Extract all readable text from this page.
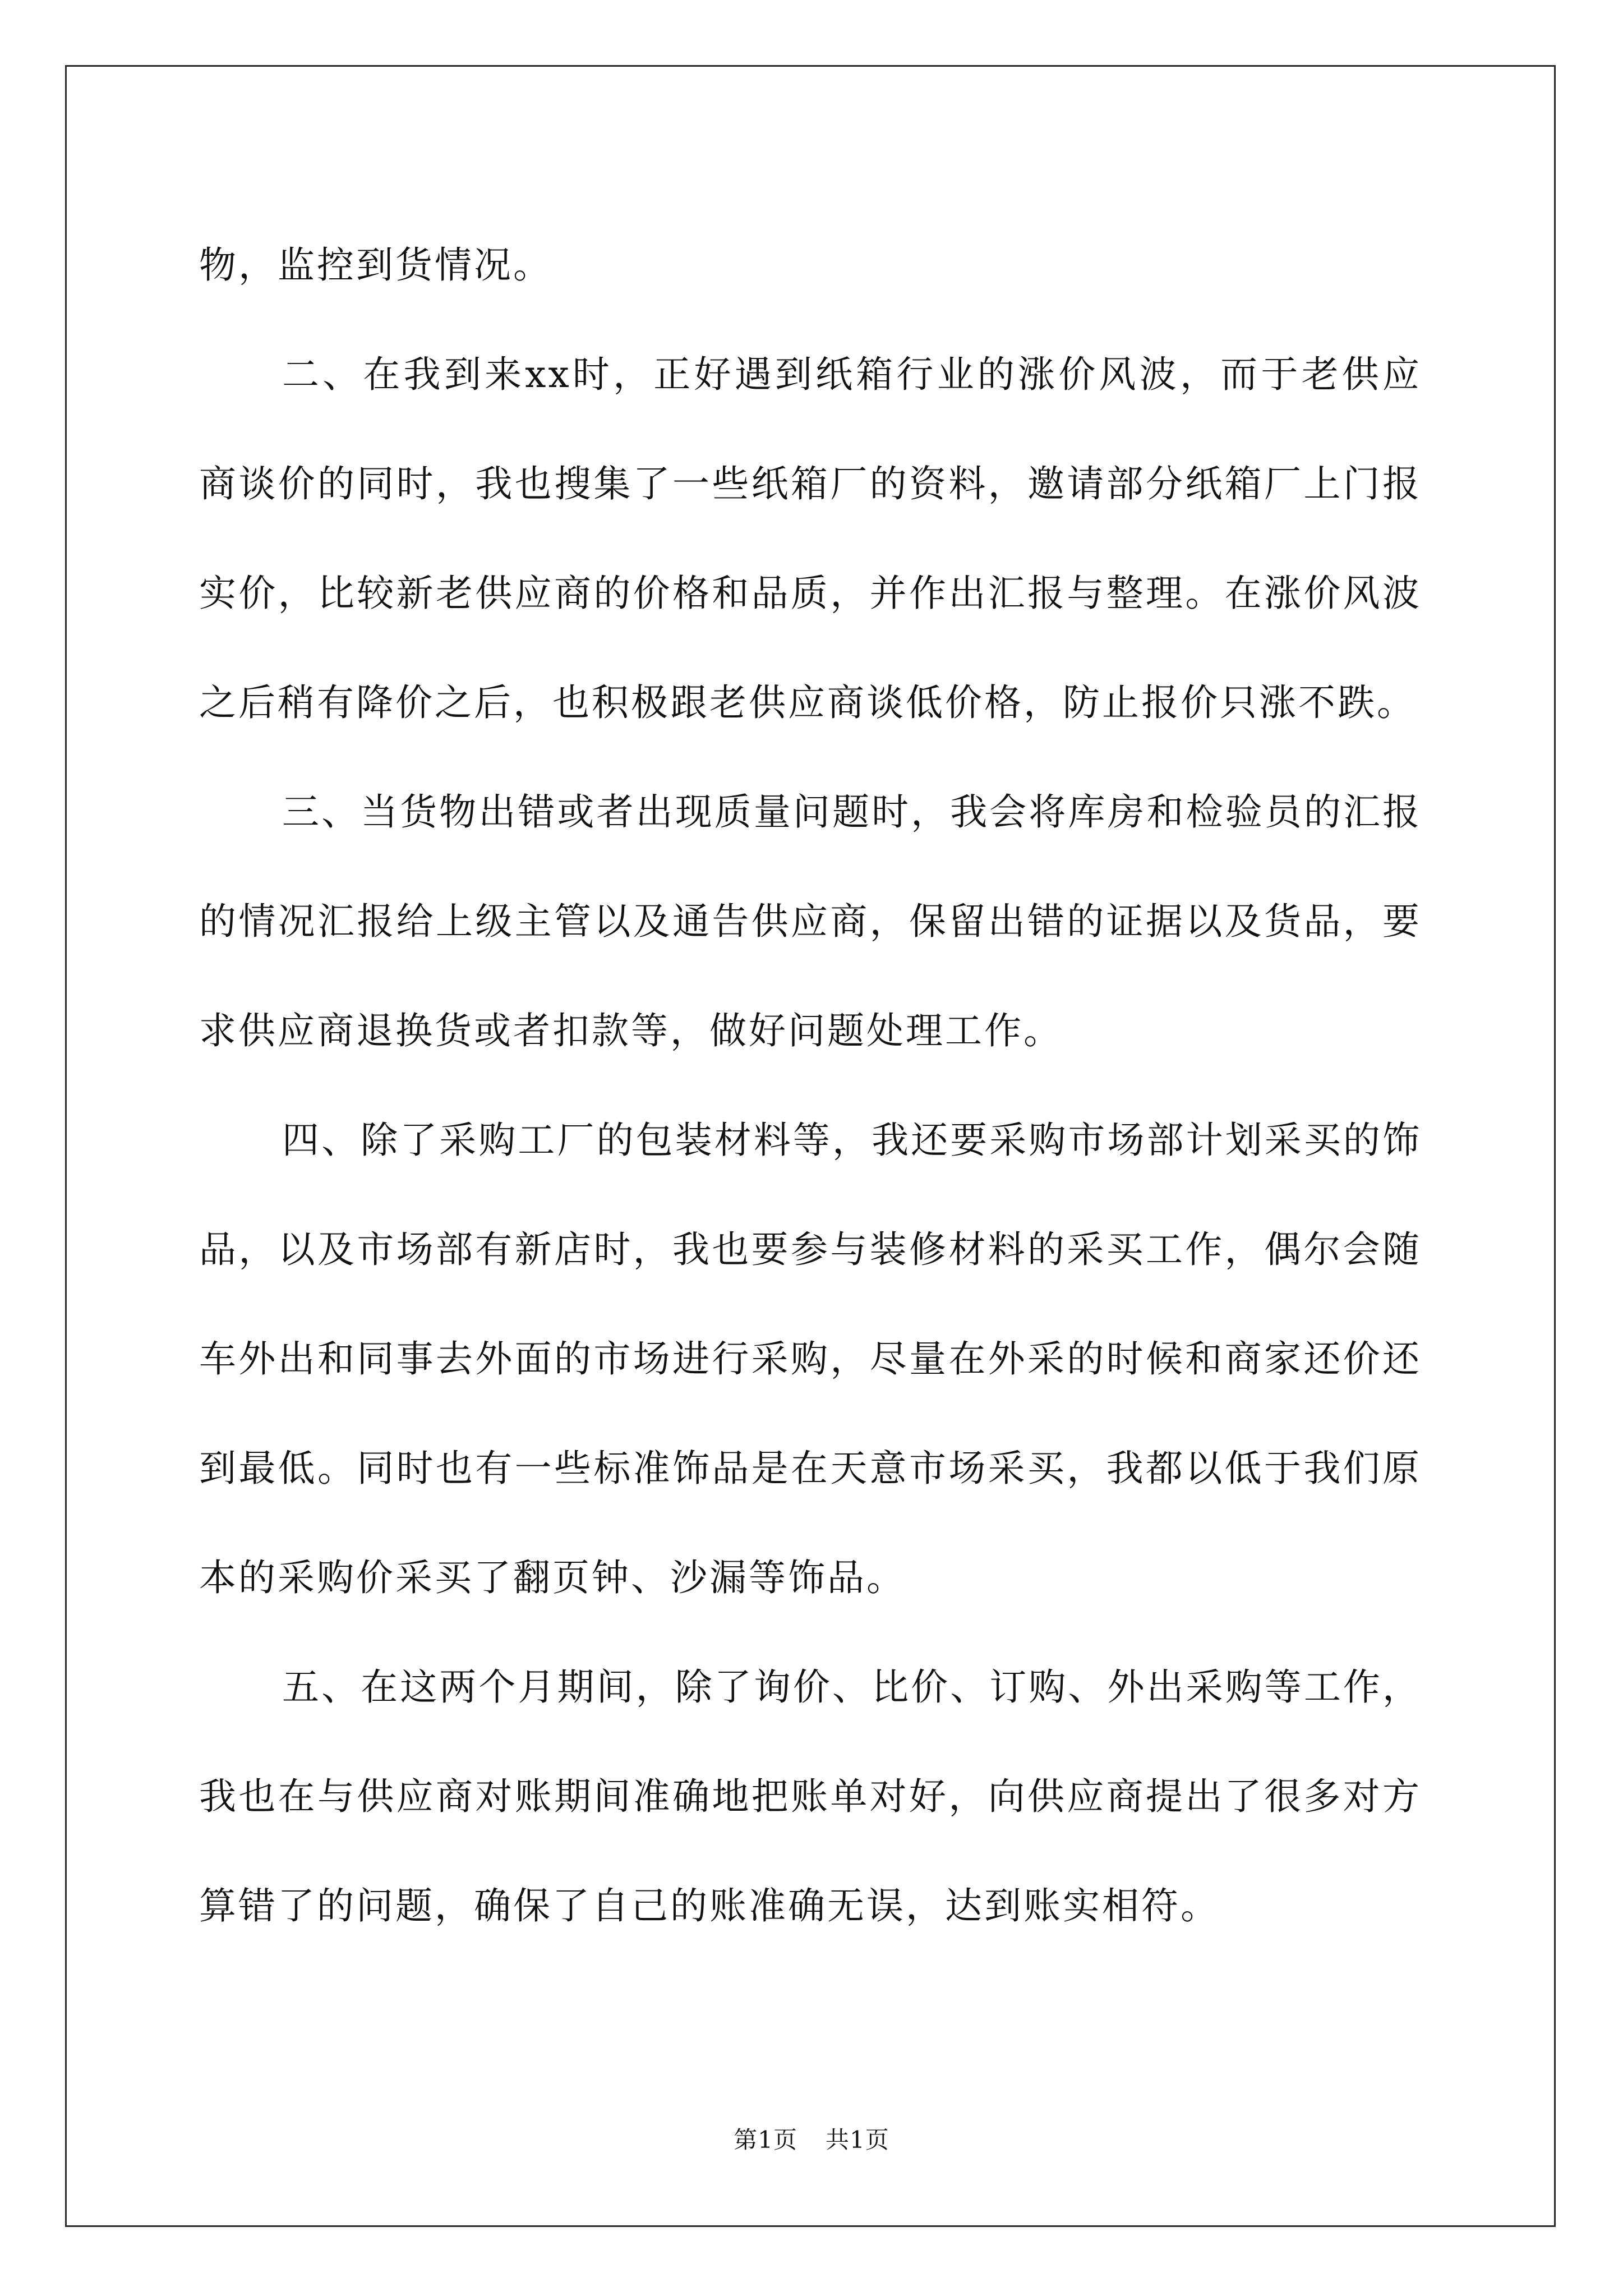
物，监控到货情况。

二、在我到来xx时，正好遇到纸箱行业的涨价风波，而于老供应商谈价的同时，我也搜集了一些纸箱厂的资料，邀请部分纸箱厂上门报实价，比较新老供应商的价格和品质，并作出汇报与整理。在涨价风波之后稍有降价之后，也积极跟老供应商谈低价格，防止报价只涨不跌。

三、当货物出错或者出现质量问题时，我会将库房和检验员的汇报的情况汇报给上级主管以及通告供应商，保留出错的证据以及货品，要求供应商退换货或者扣款等，做好问题处理工作。

四、除了采购工厂的包装材料等，我还要采购市场部计划采买的饰品，以及市场部有新店时，我也要参与装修材料的采买工作，偶尔会随车外出和同事去外面的市场进行采购，尽量在外采的时候和商家还价还到最低。同时也有一些标准饰品是在天意市场采买，我都以低于我们原本的采购价采买了翻页钟、沙漏等饰品。

五、在这两个月期间，除了询价、比价、订购、外出采购等工作，我也在与供应商对账期间准确地把账单对好，向供应商提出了很多对方算错了的问题，确保了自己的账准确无误，达到账实相符。

第1页 共1页
